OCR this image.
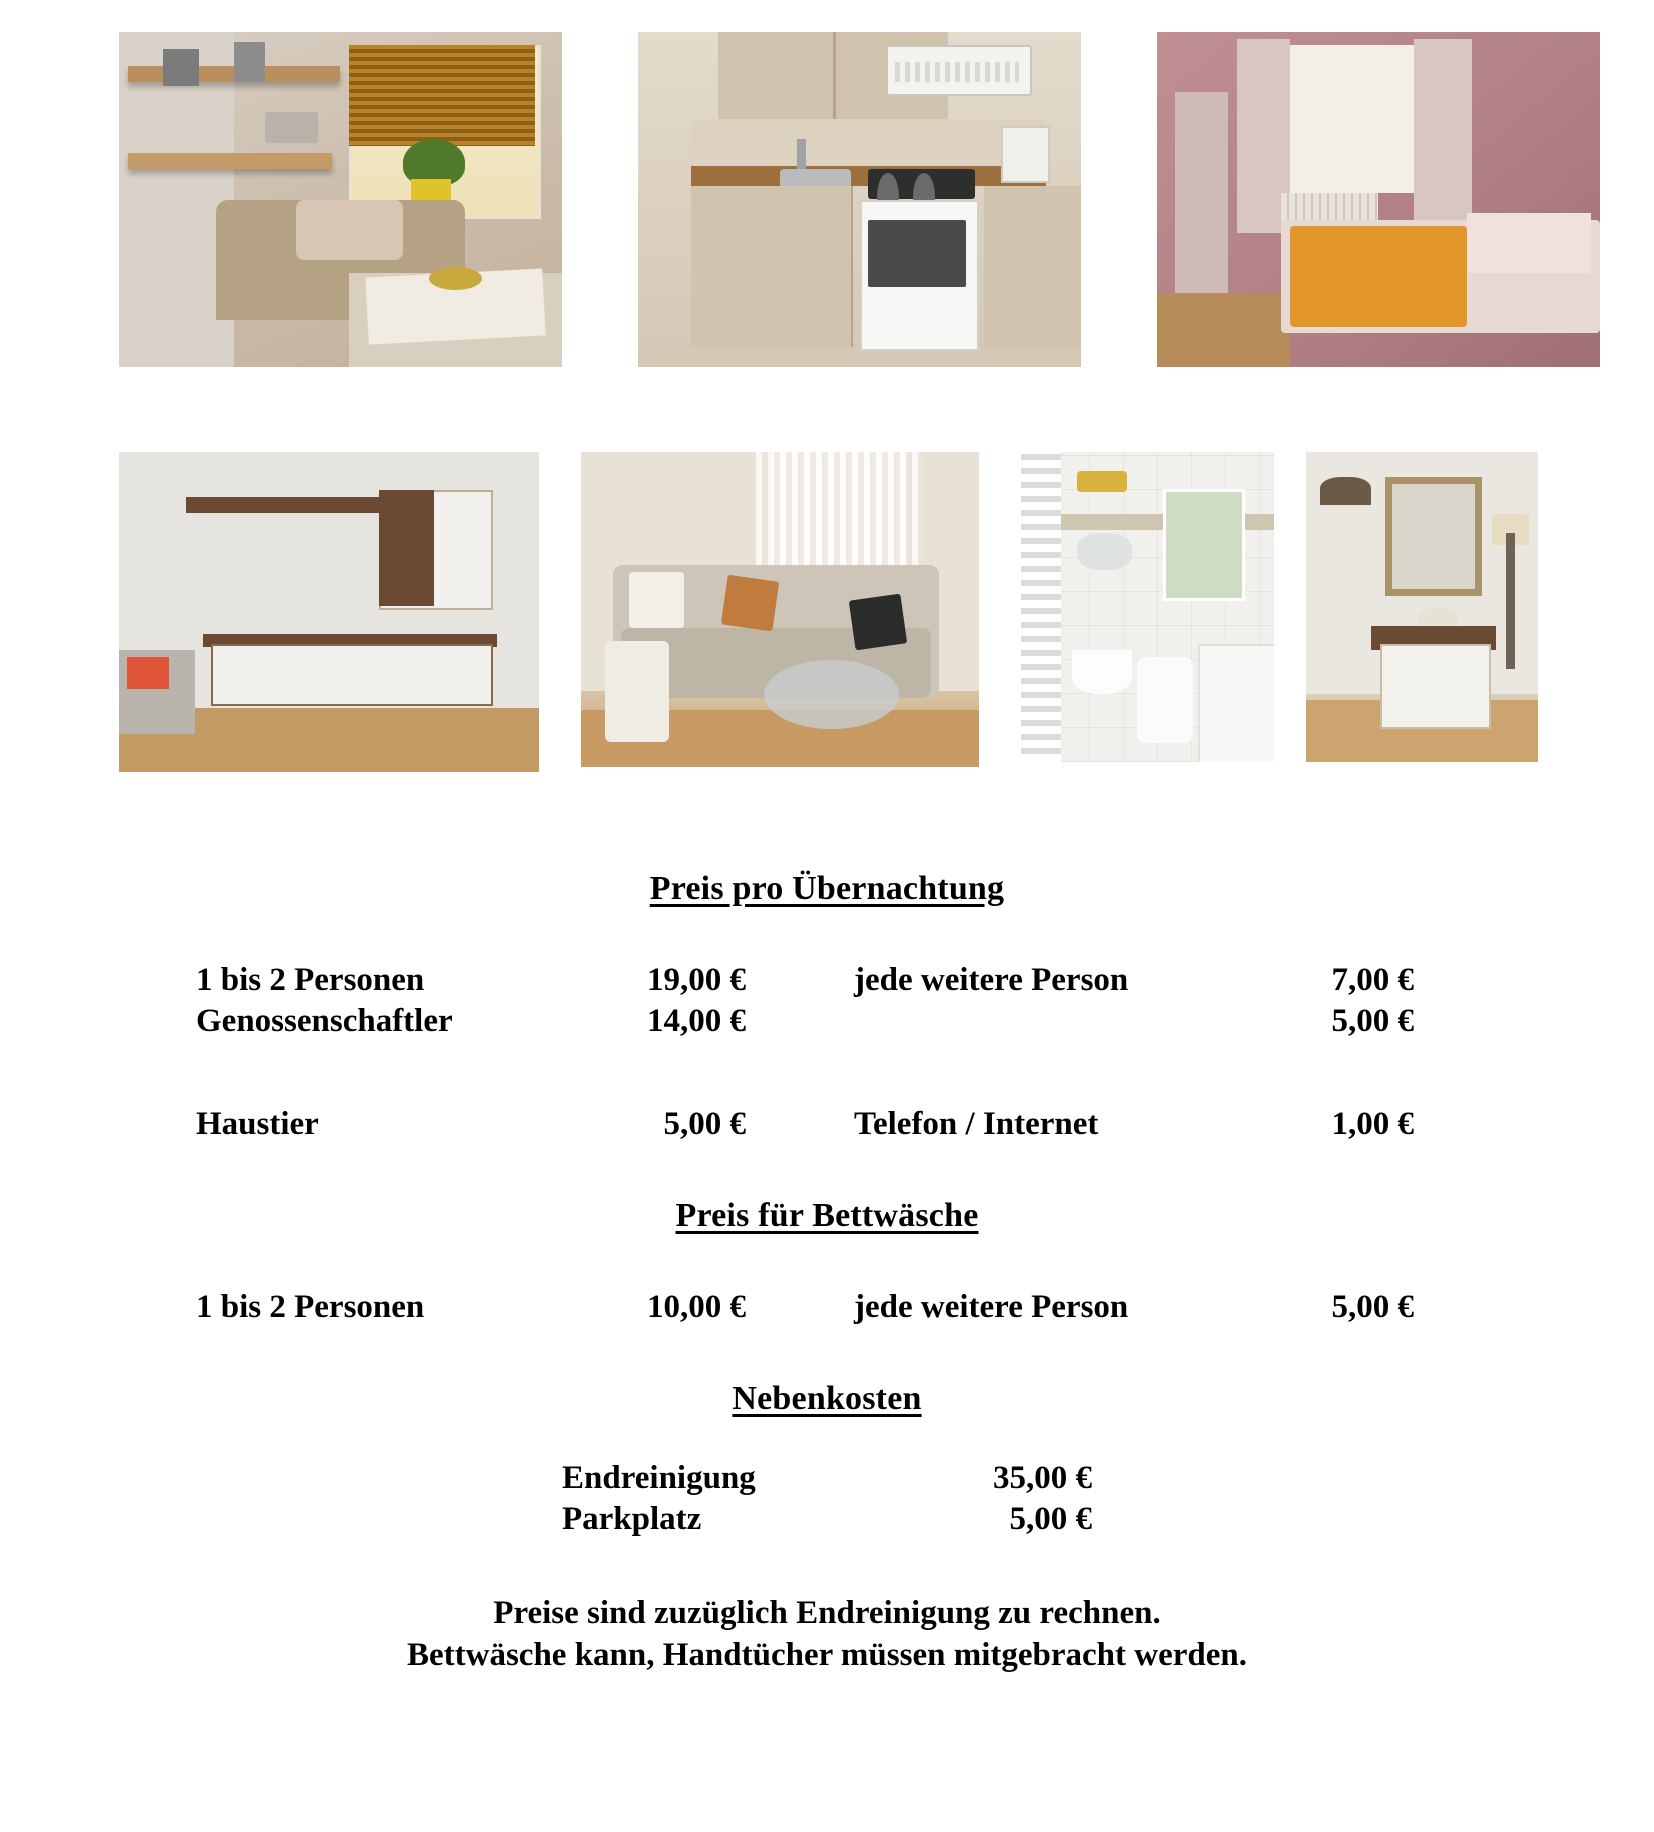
Preis pro Übernachtung
1 bis 2 Personen	19,00 €		jede weitere Person	7,00 €
Genossenschaftler	14,00 €			5,00 €

Haustier	5,00 €		Telefon / Internet	1,00 €
Preis für Bettwäsche
1 bis 2 Personen	10,00 €		jede weitere Person	5,00 €
Nebenkosten
Endreinigung	35,00 €
Parkplatz	5,00 €
Preise sind zuzüglich Endreinigung zu rechnen.
Bettwäsche kann, Handtücher müssen mitgebracht werden.
